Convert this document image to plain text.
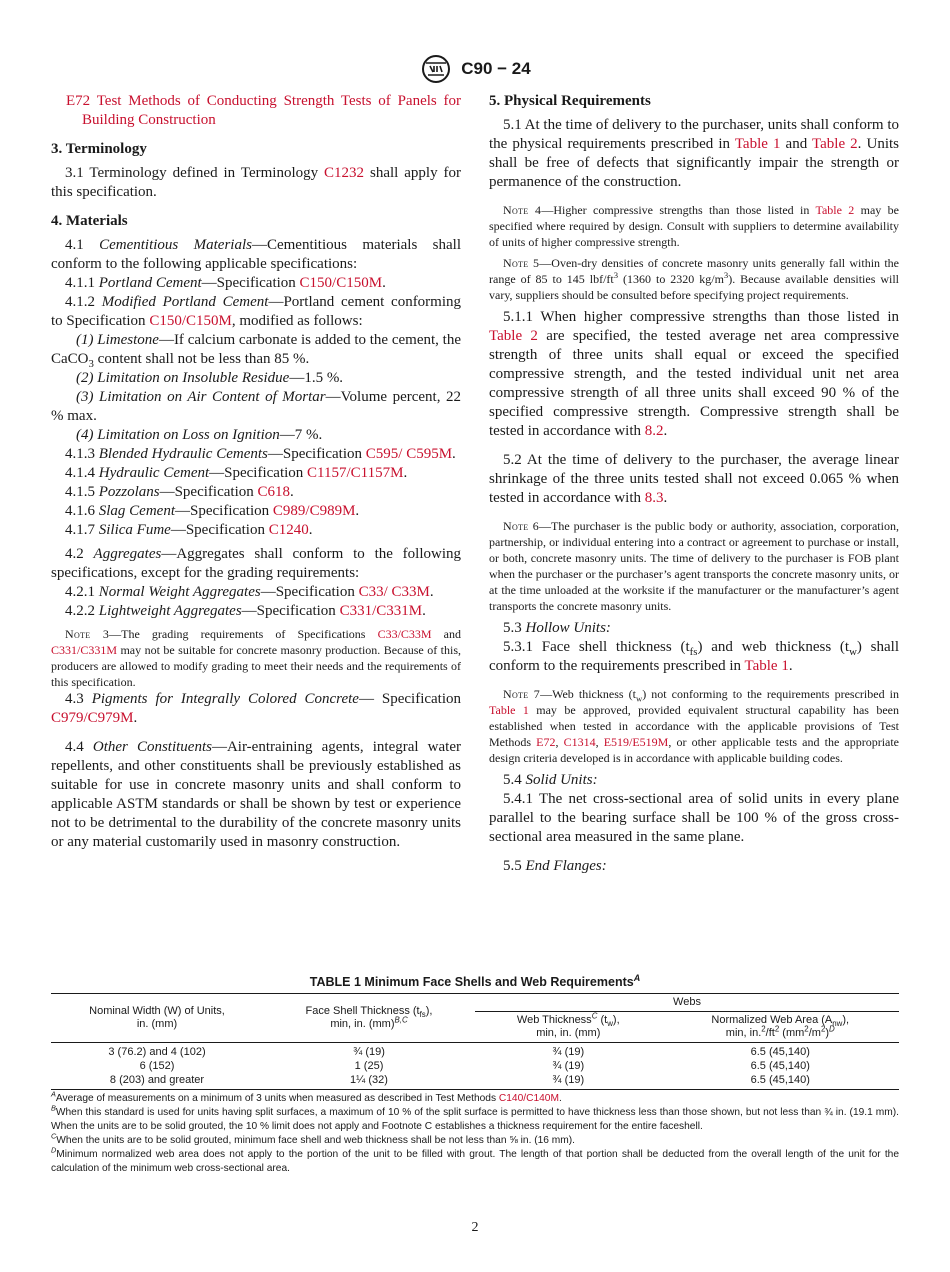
C90 − 24

E72 Test Methods of Conducting Strength Tests of Panels for Building Construction

3. Terminology

3.1 Terminology defined in Terminology C1232 shall apply for this specification.

4. Materials

4.1 Cementitious Materials—Cementitious materials shall conform to the following applicable specifications:

4.1.1 Portland Cement—Specification C150/C150M.

4.1.2 Modified Portland Cement—Portland cement conforming to Specification C150/C150M, modified as follows:

(1) Limestone—If calcium carbonate is added to the cement, the CaCO$_3$ content shall not be less than 85 %.

(2) Limitation on Insoluble Residue—1.5 %.

(3) Limitation on Air Content of Mortar—Volume percent, 22 % max.

(4) Limitation on Loss on Ignition—7 %.

4.1.3 Blended Hydraulic Cements—Specification C595/ C595M.

4.1.4 Hydraulic Cement—Specification C1157/C1157M.

4.1.5 Pozzolans—Specification C618.

4.1.6 Slag Cement—Specification C989/C989M.

4.1.7 Silica Fume—Specification C1240.

4.2 Aggregates—Aggregates shall conform to the following specifications, except for the grading requirements:

4.2.1 Normal Weight Aggregates—Specification C33/ C33M.

4.2.2 Lightweight Aggregates—Specification C331/C331M.

Note 3—The grading requirements of Specifications C33/C33M and C331/C331M may not be suitable for concrete masonry production. Because of this, producers are allowed to modify grading to meet their needs and the requirements of this specification.

4.3 Pigments for Integrally Colored Concrete— Specification C979/C979M.

4.4 Other Constituents—Air-entraining agents, integral water repellents, and other constituents shall be previously established as suitable for use in concrete masonry units and shall conform to applicable ASTM standards or shall be shown by test or experience not to be detrimental to the durability of the concrete masonry units or any material customarily used in masonry construction.

5. Physical Requirements

5.1 At the time of delivery to the purchaser, units shall conform to the physical requirements prescribed in Table 1 and Table 2. Units shall be free of defects that significantly impair the strength or permanence of the construction.

Note 4—Higher compressive strengths than those listed in Table 2 may be specified where required by design. Consult with suppliers to determine availability of units of higher compressive strength.

Note 5—Oven-dry densities of concrete masonry units generally fall within the range of 85 to 145 lbf/$ft^3$ (1360 to 2320 $kg/m^3$). Because available densities will vary, suppliers should be consulted before specifying project requirements.

5.1.1 When higher compressive strengths than those listed in Table 2 are specified, the tested average net area compressive strength of three units shall equal or exceed the specified compressive strength, and the tested individual unit net area compressive strength of all three units shall exceed 90 % of the specified compressive strength. Compressive strength shall be tested in accordance with 8.2.

5.2 At the time of delivery to the purchaser, the average linear shrinkage of the three units tested shall not exceed 0.065 % when tested in accordance with 8.3.

Note 6—The purchaser is the public body or authority, association, corporation, partnership, or individual entering into a contract or agreement to purchase or install, or both, concrete masonry units. The time of delivery to the purchaser is FOB plant when the purchaser or the purchaser’s agent transports the concrete masonry units, or at the time unloaded at the worksite if the manufacturer or the manufacturer’s agent transports the concrete masonry units.

5.3 Hollow Units:

5.3.1 Face shell thickness $(t_{fs})$ and web thickness $(t_w)$ shall conform to the requirements prescribed in Table 1.

Note 7—Web thickness $(t_w)$ not conforming to the requirements prescribed in Table 1 may be approved, provided equivalent structural capability has been established when tested in accordance with the applicable provisions of Test Methods E72, C1314, E519/E519M, or other applicable tests and the appropriate design criteria developed is in accordance with applicable building codes.

5.4 Solid Units:

5.4.1 The net cross-sectional area of solid units in every plane parallel to the bearing surface shall be 100 % of the gross cross-sectional area measured in the same plane.

5.5 End Flanges:

TABLE 1 Minimum Face Shells and Web Requirements$^A$
Nominal Width (W) of Units,
in. (mm)	Face Shell Thickness $(t_{fs})$,
min, in. (mm)$^{B,C}$	Webs	
		Web Thickness$^C$ $(t_w)$,
min, in. (mm)	Normalized Web Area $(A_{nw})$,
min, $in.^2/ft^2$ $(mm^2/m^2)^D$
3 (76.2) and 4 (102)	¾ (19)	¾ (19)	6.5 (45,140)
6 (152)	1 (25)	¾ (19)	6.5 (45,140)
8 (203) and greater	1¼ (32)	¾ (19)	6.5 (45,140)

$^A$Average of measurements on a minimum of 3 units when measured as described in Test Methods C140/C140M.

$^B$When this standard is used for units having split surfaces, a maximum of 10 % of the split surface is permitted to have thickness less than those shown, but not less than ¾ in. (19.1 mm). When the units are to be solid grouted, the 10 % limit does not apply and Footnote C establishes a thickness requirement for the entire faceshell.

$^C$When the units are to be solid grouted, minimum face shell and web thickness shall be not less than ⅝ in. (16 mm).

$^D$Minimum normalized web area does not apply to the portion of the unit to be filled with grout. The length of that portion shall be deducted from the overall length of the unit for the calculation of the minimum web cross-sectional area.

2
